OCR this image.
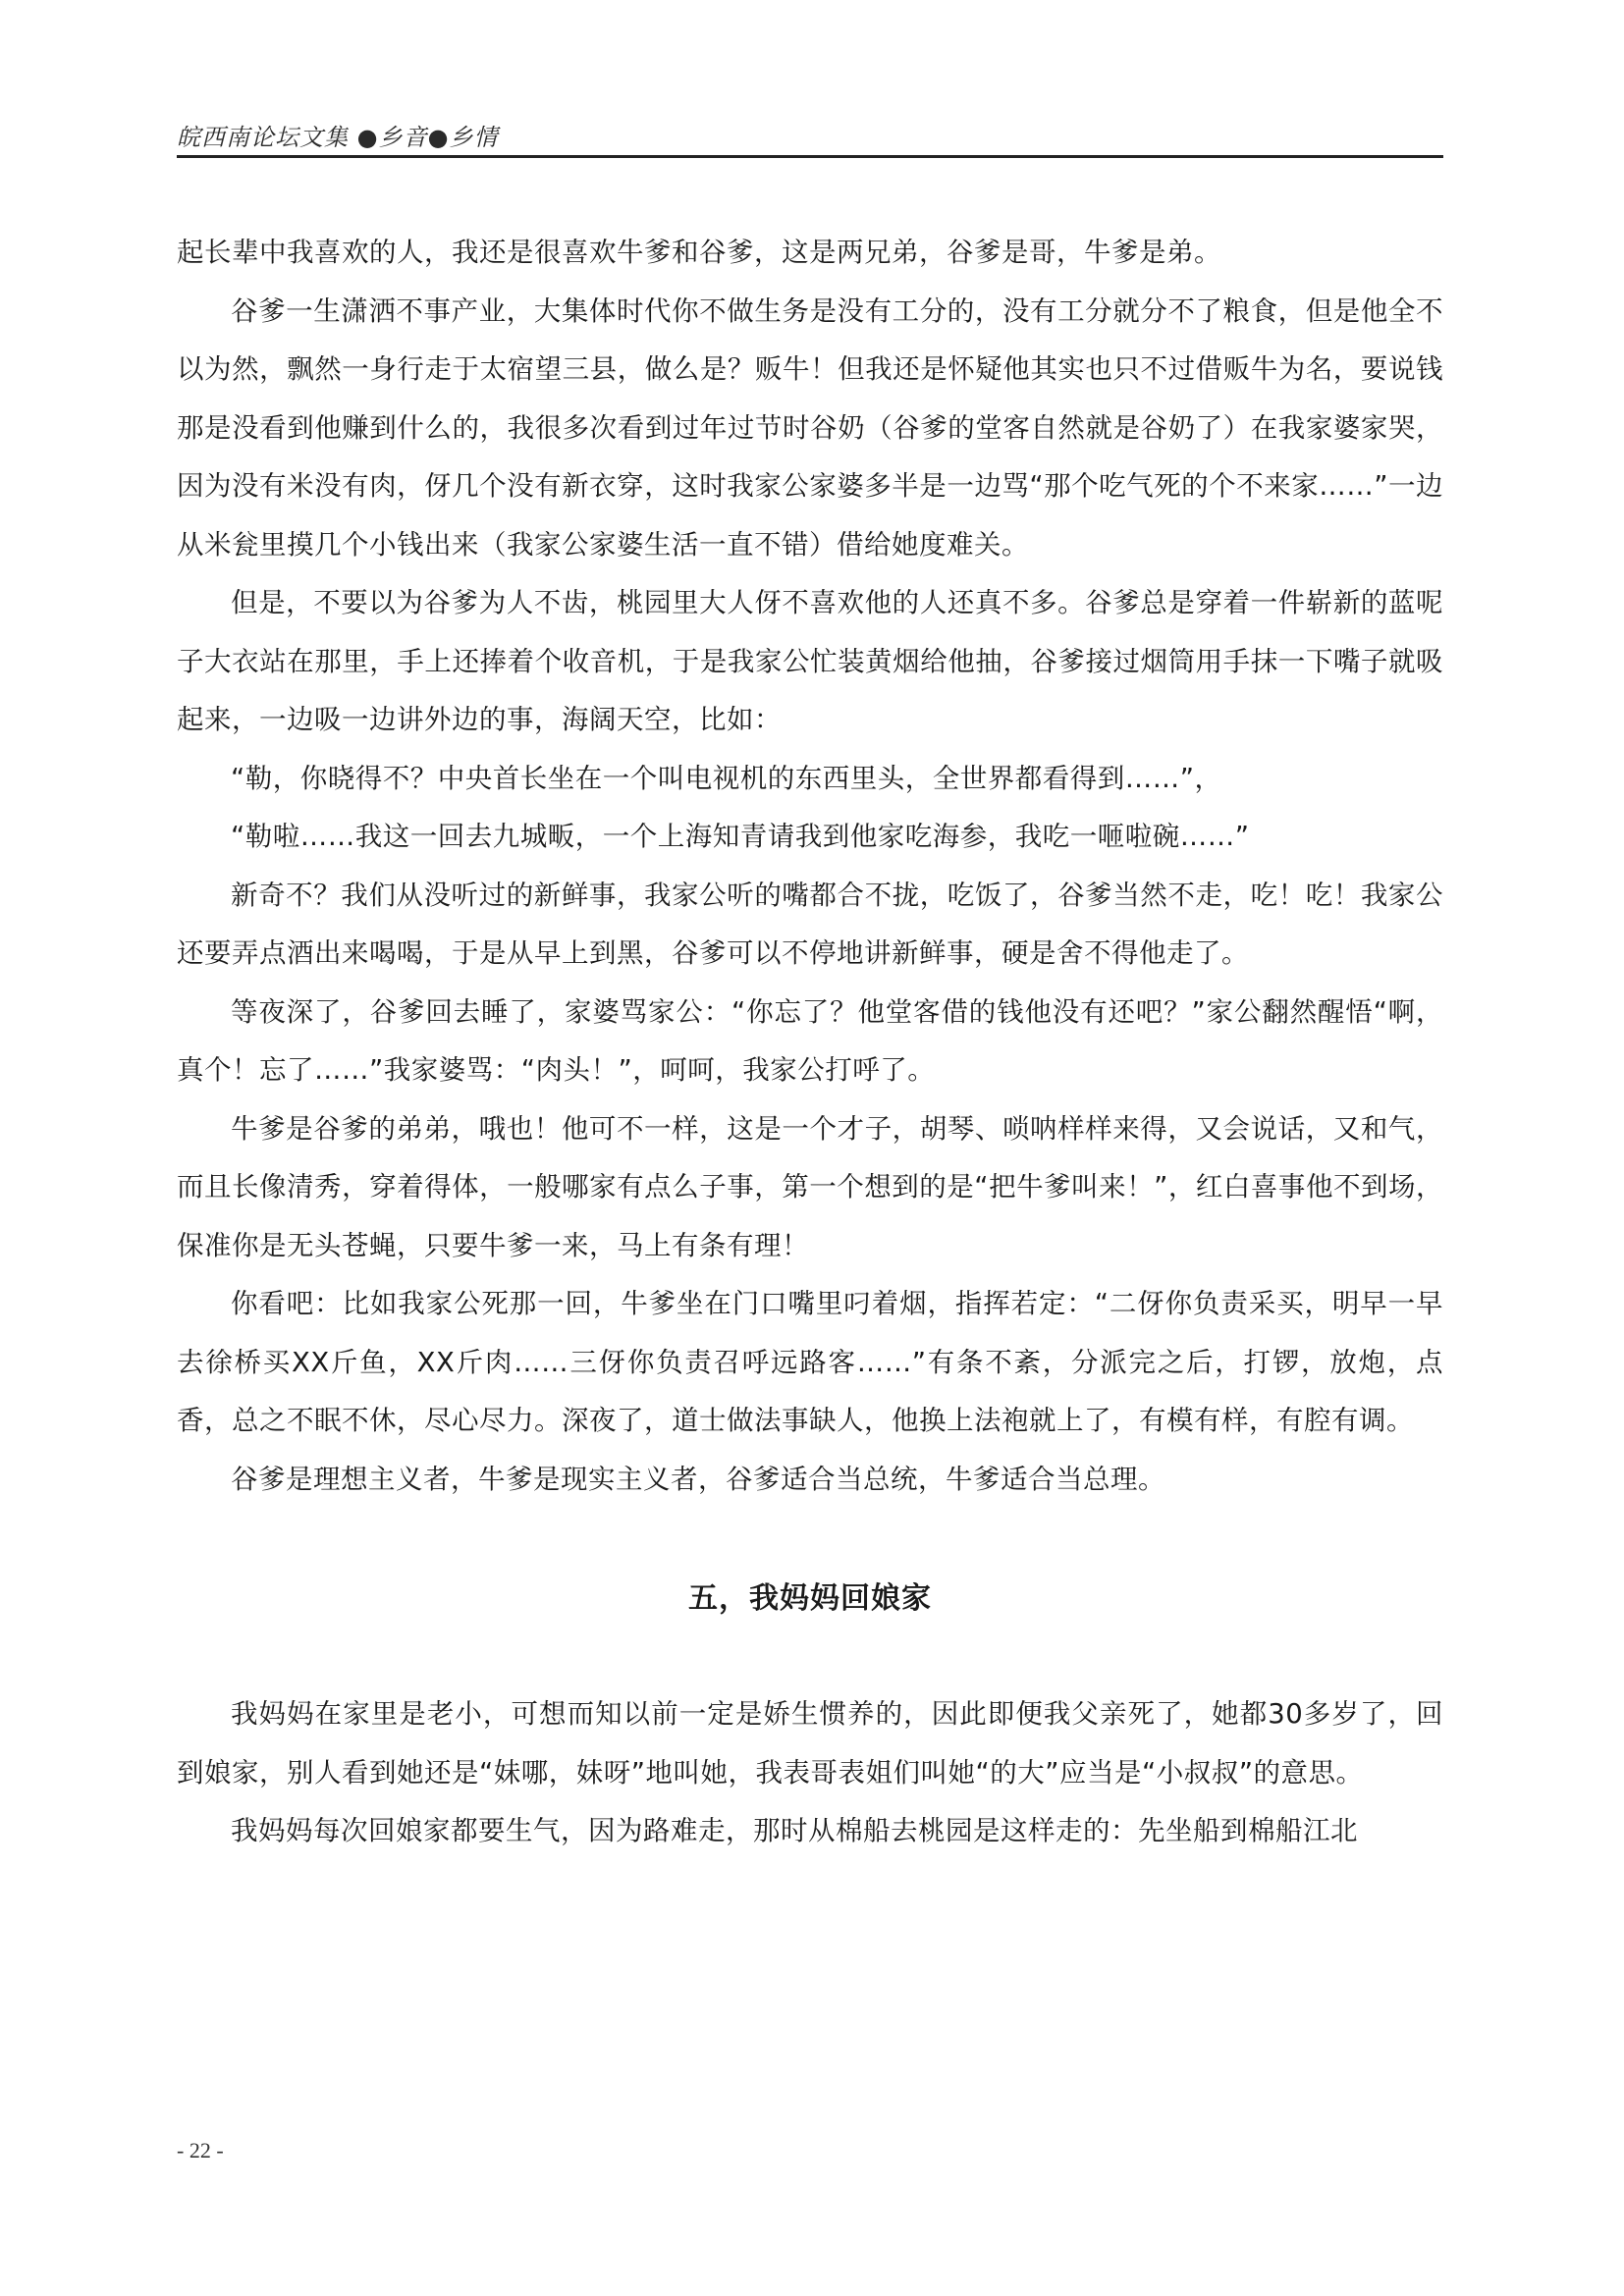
皖西南论坛文集 ●乡音●乡情

起长辈中我喜欢的人，我还是很喜欢牛爹和谷爹，这是两兄弟，谷爹是哥，牛爹是弟。

谷爹一生潇洒不事产业，大集体时代你不做生务是没有工分的，没有工分就分不了粮食，但是他全不以为然，飘然一身行走于太宿望三县，做么是？贩牛！但我还是怀疑他其实也只不过借贩牛为名，要说钱那是没看到他赚到什么的，我很多次看到过年过节时谷奶（谷爹的堂客自然就是谷奶了）在我家婆家哭，因为没有米没有肉，伢几个没有新衣穿，这时我家公家婆多半是一边骂“那个吃气死的个不来家……”一边从米瓮里摸几个小钱出来（我家公家婆生活一直不错）借给她度难关。

但是，不要以为谷爹为人不齿，桃园里大人伢不喜欢他的人还真不多。谷爹总是穿着一件崭新的蓝呢子大衣站在那里，手上还捧着个收音机，于是我家公忙装黄烟给他抽，谷爹接过烟筒用手抹一下嘴子就吸起来，一边吸一边讲外边的事，海阔天空，比如：

“勒，你晓得不？中央首长坐在一个叫电视机的东西里头，全世界都看得到……”，

“勒啦……我这一回去九城畈，一个上海知青请我到他家吃海参，我吃一咂啦碗……”

新奇不？我们从没听过的新鲜事，我家公听的嘴都合不拢，吃饭了，谷爹当然不走，吃！吃！我家公还要弄点酒出来喝喝，于是从早上到黑，谷爹可以不停地讲新鲜事，硬是舍不得他走了。

等夜深了，谷爹回去睡了，家婆骂家公：“你忘了？他堂客借的钱他没有还吧？”家公翻然醒悟“啊，真个！忘了……”我家婆骂：“肉头！”，呵呵，我家公打呼了。

牛爹是谷爹的弟弟，哦也！他可不一样，这是一个才子，胡琴、唢呐样样来得，又会说话，又和气，而且长像清秀，穿着得体，一般哪家有点么子事，第一个想到的是“把牛爹叫来！”，红白喜事他不到场，保准你是无头苍蝇，只要牛爹一来，马上有条有理！

你看吧：比如我家公死那一回，牛爹坐在门口嘴里叼着烟，指挥若定：“二伢你负责采买，明早一早去徐桥买XX斤鱼，XX斤肉……三伢你负责召呼远路客……”有条不紊，分派完之后，打锣，放炮，点香，总之不眠不休，尽心尽力。深夜了，道士做法事缺人，他换上法袍就上了，有模有样，有腔有调。

谷爹是理想主义者，牛爹是现实主义者，谷爹适合当总统，牛爹适合当总理。

五，我妈妈回娘家

我妈妈在家里是老小，可想而知以前一定是娇生惯养的，因此即便我父亲死了，她都30多岁了，回到娘家，别人看到她还是“妹哪，妹呀”地叫她，我表哥表姐们叫她“的大”应当是“小叔叔”的意思。

我妈妈每次回娘家都要生气，因为路难走，那时从棉船去桃园是这样走的：先坐船到棉船江北

- 22 -
